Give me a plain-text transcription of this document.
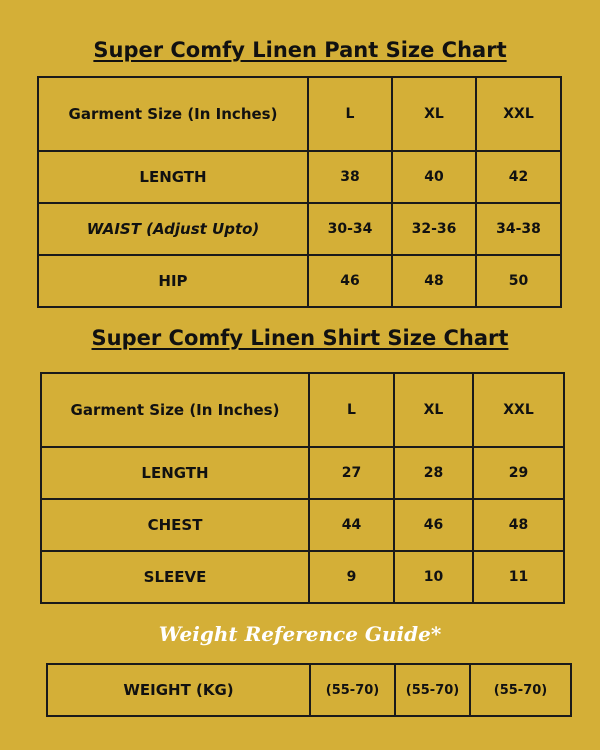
Super Comfy Linen Pant Size Chart
Garment Size (In Inches)	L	XL	XXL
LENGTH	38	40	42
WAIST (Adjust Upto)	30-34	32-36	34-38
HIP	46	48	50
Super Comfy Linen Shirt Size Chart
Garment Size (In Inches)	L	XL	XXL
LENGTH	27	28	29
CHEST	44	46	48
SLEEVE	9	10	11

Weight Reference Guide*

WEIGHT (KG)	(55-70)	(55-70)	(55-70)
